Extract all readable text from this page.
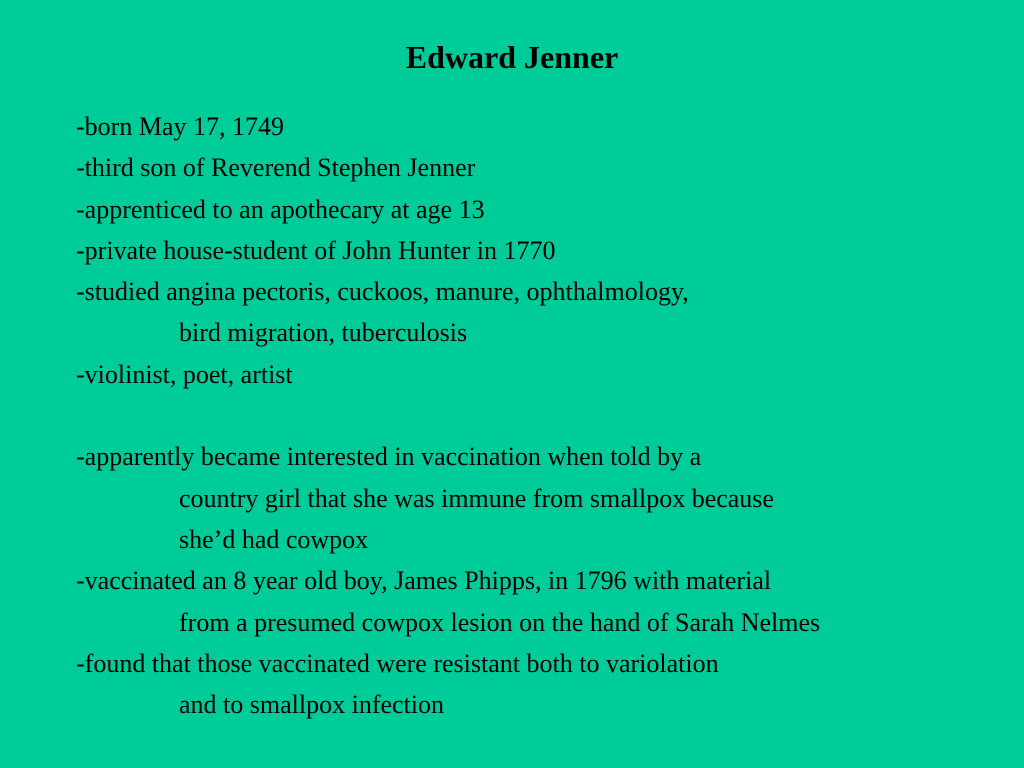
Edward Jenner
-born May 17, 1749
-third son of Reverend Stephen Jenner
-apprenticed to an apothecary at age 13
-private house-student of John Hunter in 1770
-studied angina pectoris, cuckoos, manure, ophthalmology,
bird migration, tuberculosis
-violinist, poet, artist
-apparently became interested in vaccination when told by a
country girl that she was immune from smallpox because
she’d had cowpox
-vaccinated an 8 year old boy, James Phipps, in 1796 with material
from a presumed cowpox lesion on the hand of Sarah Nelmes
-found that those vaccinated were resistant both to variolation
and to smallpox infection
